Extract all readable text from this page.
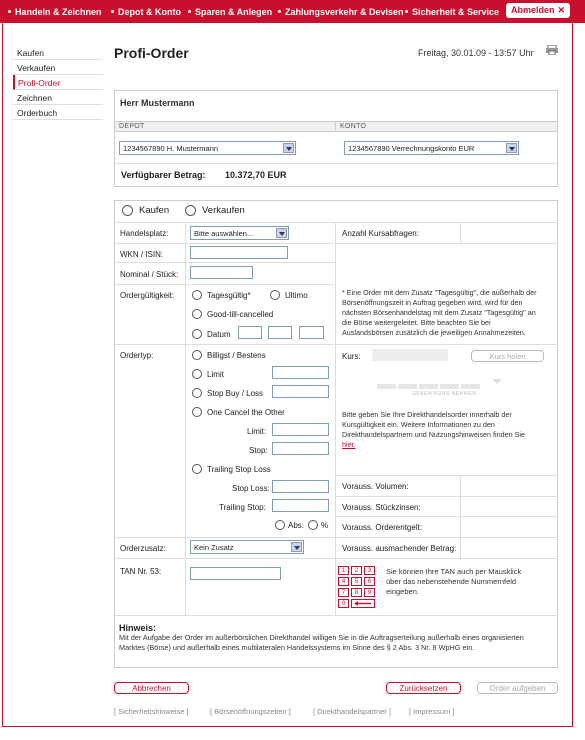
Handeln & Zeichnen	Depot & Konto	Sparen & Anlegen	Zahlungsverkehr & Devisen Sicherheit & Service	Abmelden ✕
Kaufen
Verkaufen
Profi-Order
Zeichnen
Orderbuch
Profi-Order	Freitag, 30.01.09 - 13:57 Uhr
Herr Mustermann
DEPOT	KONTO
1234567890 H. Mustermann	1234567890 Verrechnungskonto EUR
Verfügbarer Betrag: 10.372,70 EUR
Kaufen	Verkaufen
Handelsplatz:	Bitte auswählen...	Anzahl Kursabfragen:
WKN / ISIN:
Nominal / Stück:
Ordergültigkeit:	Tagesgültig*	Ultimo
Good-till-cancelled
Datum
* Eine Order mit dem Zusatz "Tagesgültig", die außerhalb der Börsenöffnungszeit in Auftrag gegeben wird, wird für den nächsten Börsenhandelstag mit dem Zusatz "Tagesgültig" an die Börse weitergeleitet. Bitte beachten Sie bei Auslandsbörsen zusätzlich die jeweiligen Annahmezeiten.
Ordertyp:	Billigst / Bestens
Limit
Stop Buy / Loss
One Cancel the Other
Limit:
Stop:
Trailing Stop Loss
Stop Loss:
Trailing Stop:
Abs. %
Kurs:	Kurs holen
GEBEN KURS NEHMEN
Bitte geben Sie Ihre Direkthandelsorder innerhalb der Kursgültigkeit ein. Weitere Informationen zu den Direkthandelspartnern und Nutzungshinweisen finden Sie hier.
Vorauss. Volumen:
Vorauss. Stückzinsen:
Vorauss. Orderentgelt:
Orderzusatz:	Kein Zusatz	Vorauss. ausmachender Betrag:
TAN Nr. 53:	1	2	3
4	5	6
7	8	9
0
Sie können Ihre TAN auch per Mausklick über das nebenstehende Nummernfeld eingeben.
Hinweis:
Mit der Aufgabe der Order im außerbörslichen Direkthandel willigen Sie in die Auftragserteilung außerhalb eines organisierten Marktes (Börse) und außerhalb eines multilateralen Handelssystems im Sinne des § 2 Abs. 3 Nr. 8 WpHG ein.
Abbrechen	Zurücksetzen	Order aufgeben
[ Sicherheitshinweise ]	[ Börsenöffnungszeiten ]	[ Direkthandelspartner ] [ Impressum ]
